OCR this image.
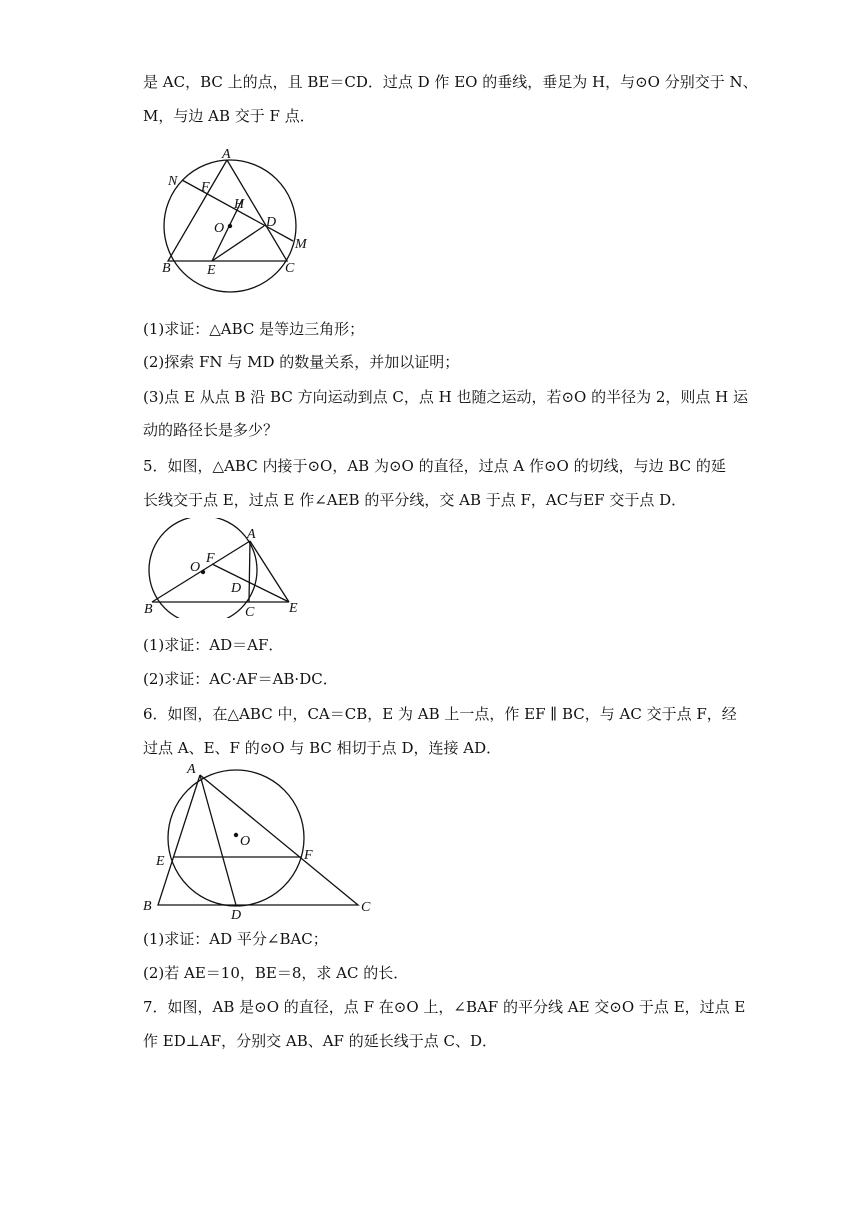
是 AC，BC 上的点，且 BE＝CD．过点 D 作 EO 的垂线，垂足为 H，与⊙O 分别交于 N、
M，与边 AB 交于 F 点．
A
N F
H
D
O
M
B	E	C
(1)求证：△ABC 是等边三角形；
(2)探索 FN 与 MD 的数量关系，并加以证明；
(3)点 E 从点 B 沿 BC 方向运动到点 C，点 H 也随之运动，若⊙O 的半径为 2，则点 H 运
动的路径长是多少？
5．如图，△ABC 内接于⊙O，AB 为⊙O 的直径，过点 A 作⊙O 的切线，与边 BC 的延
长线交于点 E，过点 E 作∠AEB 的平分线，交 AB 于点 F，AC与EF 交于点 D．
A
O
F
D
B	C E
(1)求证：AD＝AF．
(2)求证：AC·AF＝AB·DC．
6．如图，在△ABC 中，CA＝CB，E 为 AB 上一点，作 EF ∥ BC，与 AC 交于点 F，经
过点 A、E、F 的⊙O 与 BC 相切于点 D，连接 AD．
A
O
E	F
B
D
C
(1)求证：AD 平分∠BAC；
(2)若 AE＝10，BE＝8，求 AC 的长．
7．如图，AB 是⊙O 的直径，点 F 在⊙O 上，∠BAF 的平分线 AE 交⊙O 于点 E，过点 E
作 ED⊥AF，分别交 AB、AF 的延长线于点 C、D．
